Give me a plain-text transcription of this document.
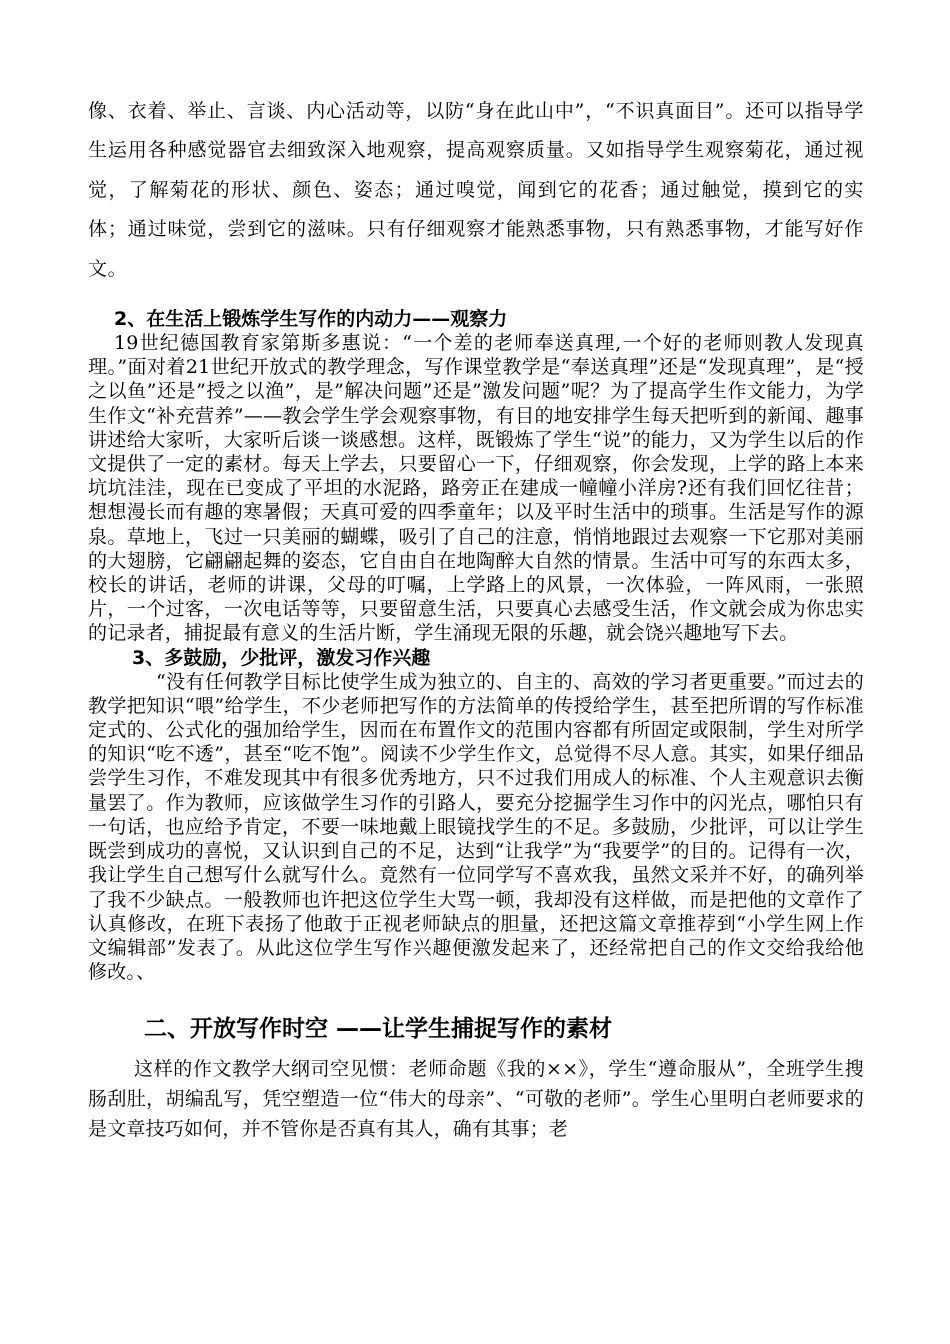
像、衣着、举止、言谈、内心活动等，以防“身在此山中”，“不识真面目”。还可以指导学生运用各种感觉器官去细致深入地观察，提高观察质量。又如指导学生观察菊花，通过视觉，了解菊花的形状、颜色、姿态；通过嗅觉，闻到它的花香；通过触觉，摸到它的实体；通过味觉，尝到它的滋味。只有仔细观察才能熟悉事物，只有熟悉事物，才能写好作文。

2、在生活上锻炼学生写作的内动力——观察力

19世纪德国教育家第斯多惠说：“一个差的老师奉送真理,一个好的老师则教人发现真理。”面对着21世纪开放式的教学理念，写作课堂教学是“奉送真理”还是“发现真理”，是“授之以鱼”还是”授之以渔”，是”解决问题”还是”激发问题”呢？为了提高学生作文能力，为学生作文“补充营养”——教会学生学会观察事物，有目的地安排学生每天把听到的新闻、趣事讲述给大家听，大家听后谈一谈感想。这样，既锻炼了学生“说”的能力，又为学生以后的作文提供了一定的素材。每天上学去，只要留心一下，仔细观察，你会发现，上学的路上本来坑坑洼洼，现在已变成了平坦的水泥路，路旁正在建成一幢幢小洋房?还有我们回忆往昔；想想漫长而有趣的寒暑假；天真可爱的四季童年；以及平时生活中的琐事。生活是写作的源泉。草地上，飞过一只美丽的蝴蝶，吸引了自己的注意，悄悄地跟过去观察一下它那对美丽的大翅膀，它翩翩起舞的姿态，它自由自在地陶醉大自然的情景。生活中可写的东西太多，校长的讲话，老师的讲课，父母的叮嘱，上学路上的风景，一次体验，一阵风雨，一张照片，一个过客，一次电话等等，只要留意生活，只要真心去感受生活，作文就会成为你忠实的记录者，捕捉最有意义的生活片断，学生涌现无限的乐趣，就会饶兴趣地写下去。

3、多鼓励，少批评，激发习作兴趣

“没有任何教学目标比使学生成为独立的、自主的、高效的学习者更重要。”而过去的教学把知识“喂”给学生，不少老师把写作的方法简单的传授给学生，甚至把所谓的写作标准定式的、公式化的强加给学生，因而在布置作文的范围内容都有所固定或限制，学生对所学的知识“吃不透”，甚至“吃不饱”。阅读不少学生作文，总觉得不尽人意。其实，如果仔细品尝学生习作，不难发现其中有很多优秀地方，只不过我们用成人的标准、个人主观意识去衡量罢了。作为教师，应该做学生习作的引路人，要充分挖掘学生习作中的闪光点，哪怕只有一句话，也应给予肯定，不要一味地戴上眼镜找学生的不足。多鼓励，少批评，可以让学生既尝到成功的喜悦，又认识到自己的不足，达到“让我学”为“我要学”的目的。记得有一次，我让学生自己想写什么就写什么。竟然有一位同学写不喜欢我，虽然文采并不好，的确列举了我不少缺点。一般教师也许把这位学生大骂一顿，我却没有这样做，而是把他的文章作了认真修改，在班下表扬了他敢于正视老师缺点的胆量，还把这篇文章推荐到“小学生网上作文编辑部”发表了。从此这位学生写作兴趣便激发起来了，还经常把自己的作文交给我给他修改。、

二、开放写作时空 ——让学生捕捉写作的素材

这样的作文教学大纲司空见惯：老师命题《我的××》，学生“遵命服从”，全班学生搜肠刮肚，胡编乱写，凭空塑造一位“伟大的母亲”、“可敬的老师”。学生心里明白老师要求的是文章技巧如何，并不管你是否真有其人，确有其事；老
